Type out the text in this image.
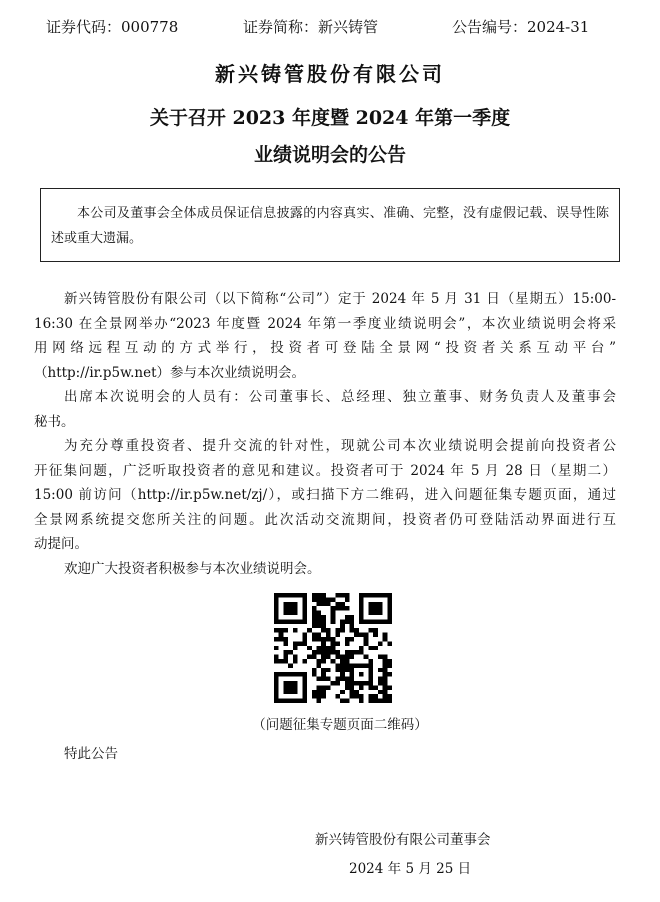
证券代码：000778	证券简称：新兴铸管	公告编号：2024-31
新兴铸管股份有限公司
关于召开 2023 年度暨 2024 年第一季度
业绩说明会的公告
本公司及董事会全体成员保证信息披露的内容真实、准确、完整，没有虚假记载、误导性陈述或重大遗漏。

新兴铸管股份有限公司（以下简称“公司”）定于 2024 年 5 月 31 日（星期五）15:00-
16:30 在全景网举办“2023 年度暨 2024 年第一季度业绩说明会”，本次业绩说明会将采
用网络远程互动的方式举行，投资者可登陆全景网“投资者关系互动平台”
（http://ir.p5w.net）参与本次业绩说明会。

出席本次说明会的人员有：公司董事长、总经理、独立董事、财务负责人及董事会
秘书。

为充分尊重投资者、提升交流的针对性，现就公司本次业绩说明会提前向投资者公
开征集问题，广泛听取投资者的意见和建议。投资者可于 2024 年 5 月 28 日（星期二）
15:00 前访问（http://ir.p5w.net/zj/），或扫描下方二维码，进入问题征集专题页面，通过
全景网系统提交您所关注的问题。此次活动交流期间，投资者仍可登陆活动界面进行互
动提问。

欢迎广大投资者积极参与本次业绩说明会。

（问题征集专题页面二维码）
特此公告
新兴铸管股份有限公司董事会
2024 年 5 月 25 日
